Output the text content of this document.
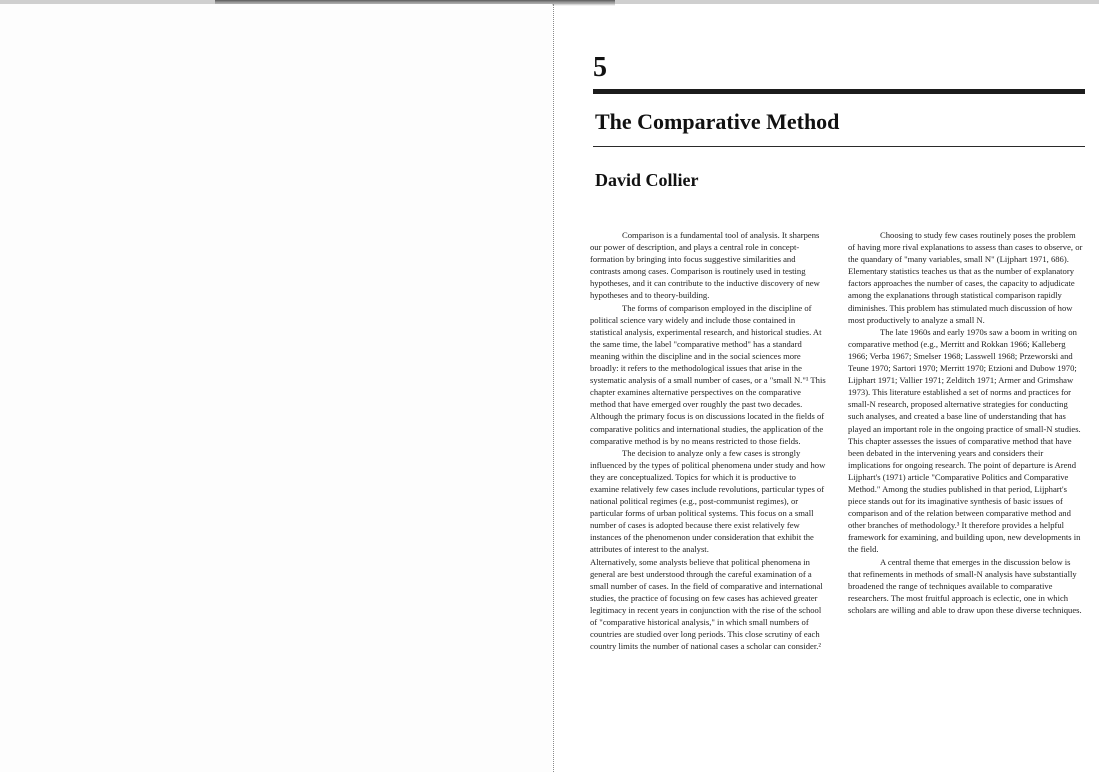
5
The Comparative Method
David Collier

Comparison is a fundamental tool of analysis. It sharpens our power of description, and plays a central role in concept-formation by bringing into focus suggestive similarities and contrasts among cases. Comparison is routinely used in testing hypotheses, and it can contribute to the inductive discovery of new hypotheses and to theory-building.

The forms of comparison employed in the discipline of political science vary widely and include those contained in statistical analysis, experimental research, and historical studies. At the same time, the label "comparative method" has a standard meaning within the discipline and in the social sciences more broadly: it refers to the methodological issues that arise in the systematic analysis of a small number of cases, or a "small N."¹ This chapter examines alternative perspectives on the comparative method that have emerged over roughly the past two decades. Although the primary focus is on discussions located in the fields of comparative politics and international studies, the application of the comparative method is by no means restricted to those fields.

The decision to analyze only a few cases is strongly influenced by the types of political phenomena under study and how they are conceptualized. Topics for which it is productive to examine relatively few cases include revolutions, particular types of national political regimes (e.g., post-communist regimes), or particular forms of urban political systems. This focus on a small number of cases is adopted because there exist relatively few instances of the phenomenon under consideration that exhibit the attributes of interest to the analyst.

Alternatively, some analysts believe that political phenomena in general are best understood through the careful examination of a small number of cases. In the field of comparative and international studies, the practice of focusing on few cases has achieved greater legitimacy in recent years in conjunction with the rise of the school of "comparative historical analysis," in which small numbers of countries are studied over long periods. This close scrutiny of each country limits the number of national cases a scholar can consider.²

Choosing to study few cases routinely poses the problem of having more rival explanations to assess than cases to observe, or the quandary of "many variables, small N" (Lijphart 1971, 686). Elementary statistics teaches us that as the number of explanatory factors approaches the number of cases, the capacity to adjudicate among the explanations through statistical comparison rapidly diminishes. This problem has stimulated much discussion of how most productively to analyze a small N.

The late 1960s and early 1970s saw a boom in writing on comparative method (e.g., Merritt and Rokkan 1966; Kalleberg 1966; Verba 1967; Smelser 1968; Lasswell 1968; Przeworski and Teune 1970; Sartori 1970; Merritt 1970; Etzioni and Dubow 1970; Lijphart 1971; Vallier 1971; Zelditch 1971; Armer and Grimshaw 1973). This literature established a set of norms and practices for small-N research, proposed alternative strategies for conducting such analyses, and created a base line of understanding that has played an important role in the ongoing practice of small-N studies. This chapter assesses the issues of comparative method that have been debated in the intervening years and considers their implications for ongoing research. The point of departure is Arend Lijphart's (1971) article "Comparative Politics and Comparative Method." Among the studies published in that period, Lijphart's piece stands out for its imaginative synthesis of basic issues of comparison and of the relation between comparative method and other branches of methodology.³ It therefore provides a helpful framework for examining, and building upon, new developments in the field.

A central theme that emerges in the discussion below is that refinements in methods of small-N analysis have substantially broadened the range of techniques available to comparative researchers. The most fruitful approach is eclectic, one in which scholars are willing and able to draw upon these diverse techniques.
